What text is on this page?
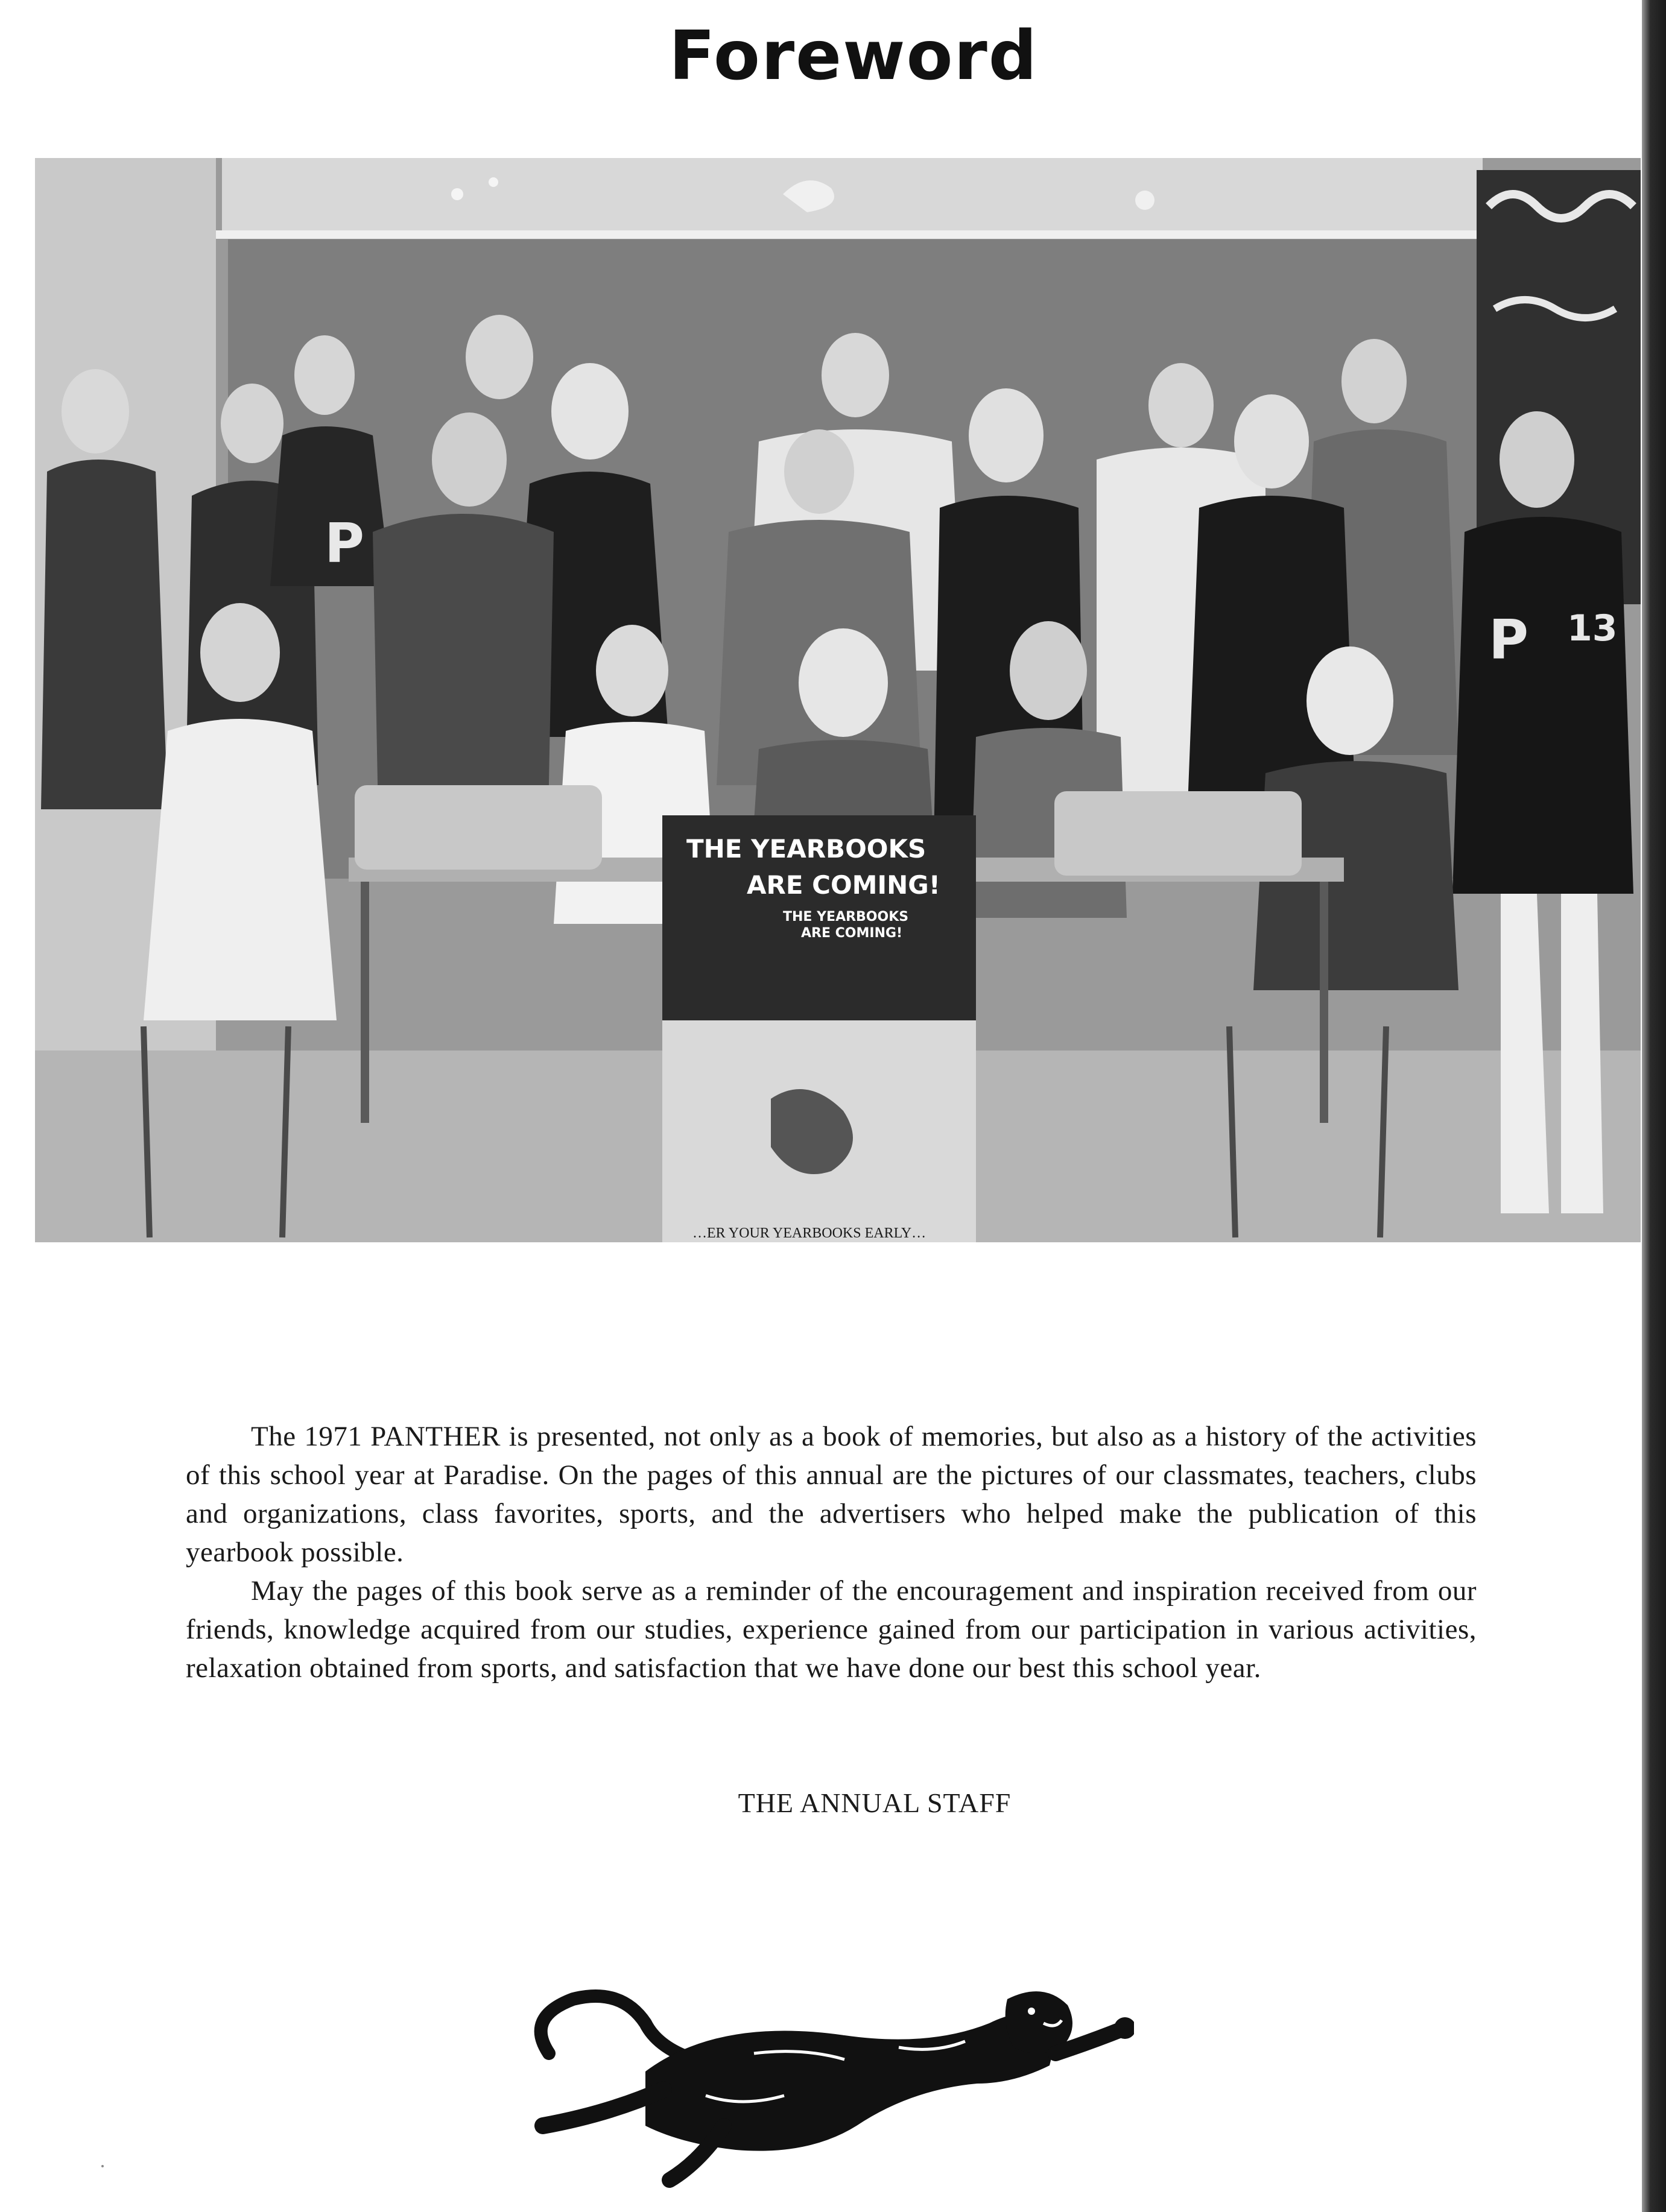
Foreword
P
P 13
THE YEARBOOKS
ARE COMING!
THE YEARBOOKS
ARE COMING!
…ER YOUR YEARBOOKS EARLY…

The 1971 PANTHER is presented, not only as a book of memories, but also as a history of the activities of this school year at Paradise. On the pages of this annual are the pictures of our classmates, teachers, clubs and organizations, class favorites, sports, and the advertisers who helped make the publication of this yearbook possible.

May the pages of this book serve as a reminder of the encouragement and inspiration received from our friends, knowledge acquired from our studies, experience gained from our participation in various activities, relaxation obtained from sports, and satisfaction that we have done our best this school year.

THE ANNUAL STAFF
